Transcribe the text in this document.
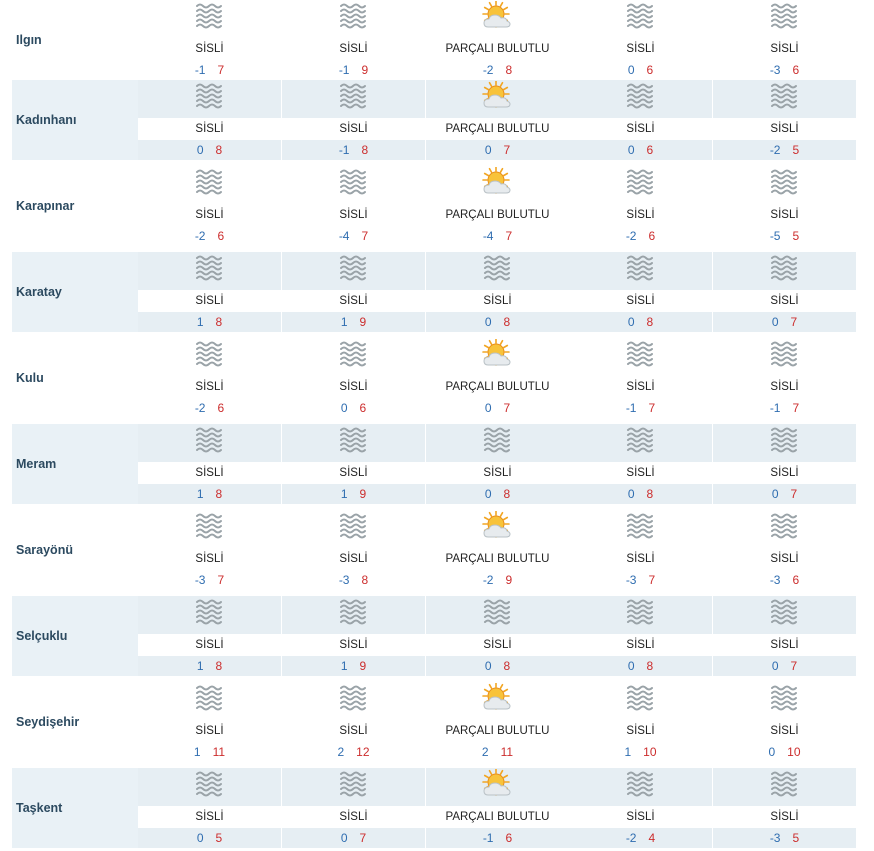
Ilgın
SİSLİ
-1 7
SİSLİ
-1 9
PARÇALI BULUTLU
-2 8
SİSLİ
0 6
SİSLİ
-3 6
Kadınhanı
SİSLİ
0 8
SİSLİ
-1 8
PARÇALI BULUTLU
0 7
SİSLİ
0 6
SİSLİ
-2 5
Karapınar
SİSLİ
-2 6
SİSLİ
-4 7
PARÇALI BULUTLU
-4 7
SİSLİ
-2 6
SİSLİ
-5 5
Karatay
SİSLİ
1 8
SİSLİ
1 9
SİSLİ
0 8
SİSLİ
0 8
SİSLİ
0 7
Kulu
SİSLİ
-2 6
SİSLİ
0 6
PARÇALI BULUTLU
0 7
SİSLİ
-1 7
SİSLİ
-1 7
Meram
SİSLİ
1 8
SİSLİ
1 9
SİSLİ
0 8
SİSLİ
0 8
SİSLİ
0 7
Sarayönü
SİSLİ
-3 7
SİSLİ
-3 8
PARÇALI BULUTLU
-2 9
SİSLİ
-3 7
SİSLİ
-3 6
Selçuklu
SİSLİ
1 8
SİSLİ
1 9
SİSLİ
0 8
SİSLİ
0 8
SİSLİ
0 7
Seydişehir
SİSLİ
1 11
SİSLİ
2 12
PARÇALI BULUTLU
2 11
SİSLİ
1 10
SİSLİ
0 10
Taşkent
SİSLİ
0 5
SİSLİ
0 7
PARÇALI BULUTLU
-1 6
SİSLİ
-2 4
SİSLİ
-3 5
